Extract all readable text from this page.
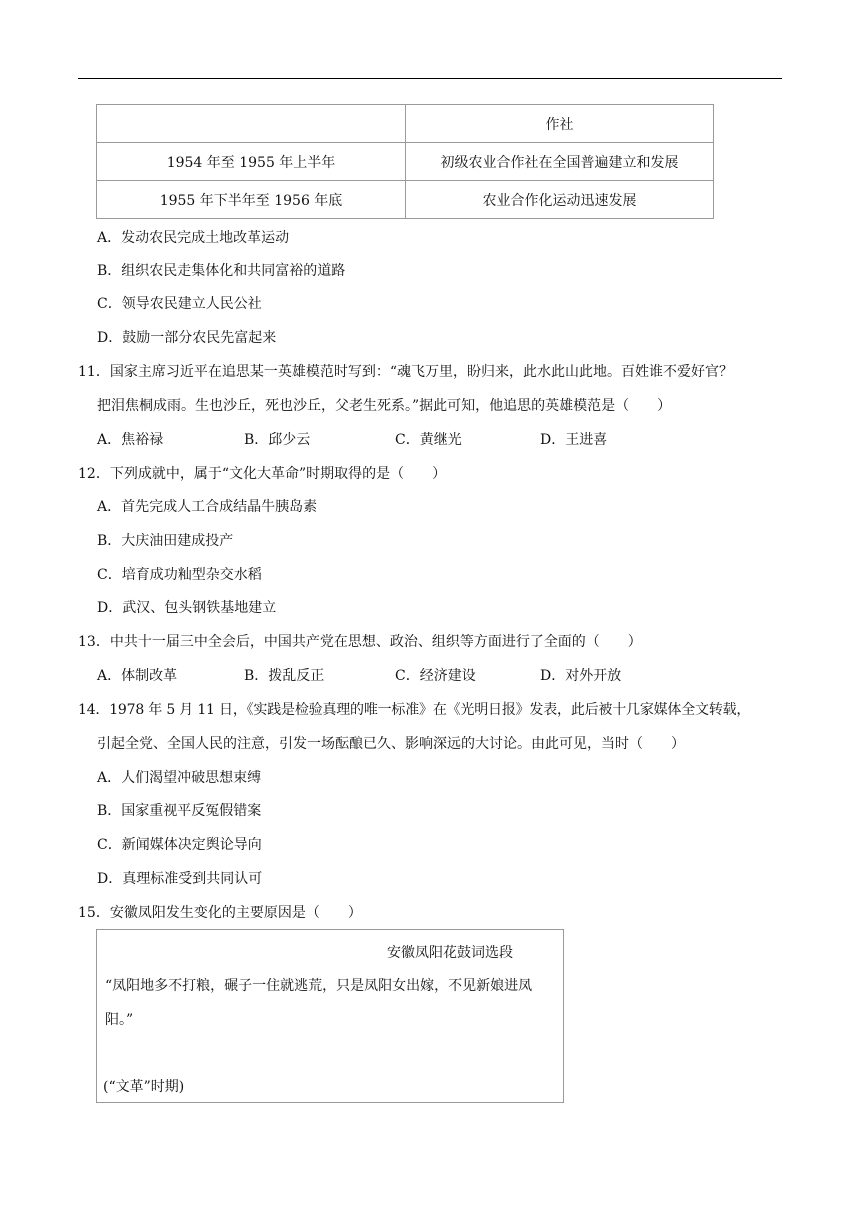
	作社
1954 年至 1955 年上半年	初级农业合作社在全国普遍建立和发展
1955 年下半年至 1956 年底	农业合作化运动迅速发展
A．发动农民完成土地改革运动
B．组织农民走集体化和共同富裕的道路
C．领导农民建立人民公社
D．鼓励一部分农民先富起来
11．国家主席习近平在追思某一英雄模范时写到：“魂飞万里，盼归来，此水此山此地。百姓谁不爱好官？
把泪焦桐成雨。生也沙丘，死也沙丘，父老生死系。”据此可知，他追思的英雄模范是（　　）
A．焦裕禄	B．邱少云	C．黄继光	D．王进喜
12．下列成就中，属于“文化大革命”时期取得的是（　　）
A．首先完成人工合成结晶牛胰岛素
B．大庆油田建成投产
C．培育成功籼型杂交水稻
D．武汉、包头钢铁基地建立
13．中共十一届三中全会后，中国共产党在思想、政治、组织等方面进行了全面的（　　）
A．体制改革	B．拨乱反正	C．经济建设	D．对外开放
14．1978 年 5 月 11 日，《实践是检验真理的唯一标准》在《光明日报》发表，此后被十几家媒体全文转载，
引起全党、全国人民的注意，引发一场酝酿已久、影响深远的大讨论。由此可见，当时（　　）
A．人们渴望冲破思想束缚
B．国家重视平反冤假错案
C．新闻媒体决定舆论导向
D．真理标准受到共同认可
15．安徽凤阳发生变化的主要原因是（　　）
安徽凤阳花鼓词选段
“凤阳地多不打粮，碾子一住就逃荒，只是凤阳女出嫁，不见新娘进凤
阳。”
(“文革”时期)
